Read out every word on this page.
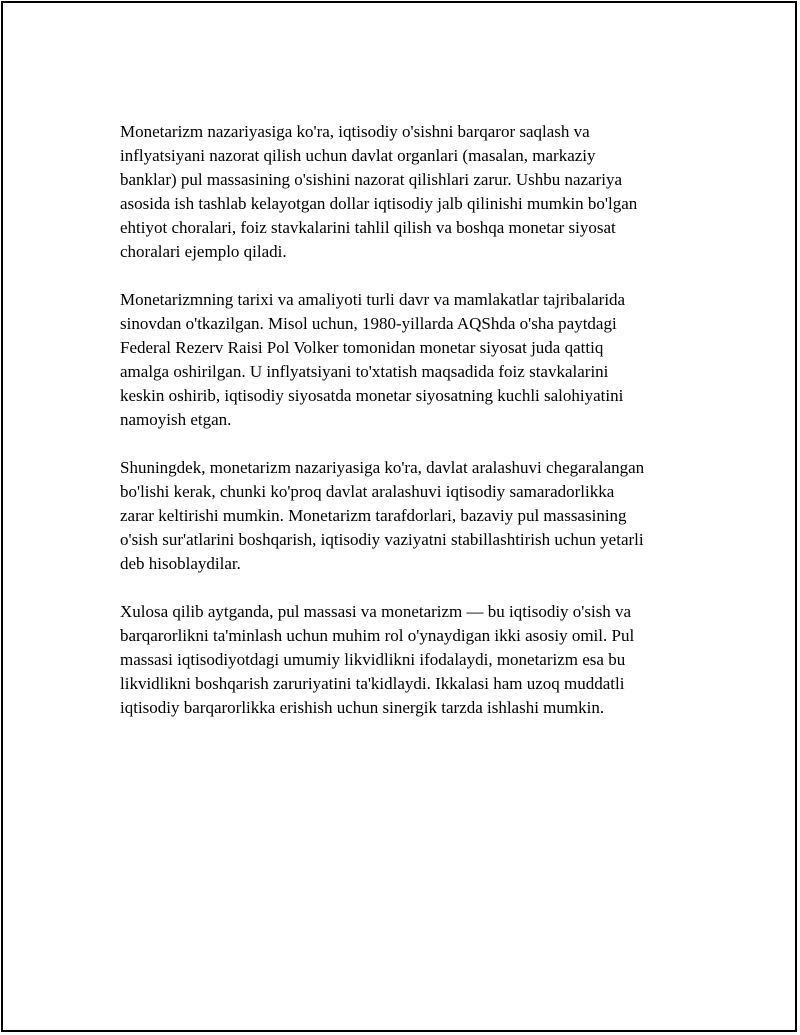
Monetarizm nazariyasiga ko'ra, iqtisodiy o'sishni barqaror saqlash va
inflyatsiyani nazorat qilish uchun davlat organlari (masalan, markaziy
banklar) pul massasining o'sishini nazorat qilishlari zarur. Ushbu nazariya
asosida ish tashlab kelayotgan dollar iqtisodiy jalb qilinishi mumkin bo'lgan
ehtiyot choralari, foiz stavkalarini tahlil qilish va boshqa monetar siyosat
choralari ejemplo qiladi.

Monetarizmning tarixi va amaliyoti turli davr va mamlakatlar tajribalarida
sinovdan o'tkazilgan. Misol uchun, 1980-yillarda AQShda o'sha paytdagi
Federal Rezerv Raisi Pol Volker tomonidan monetar siyosat juda qattiq
amalga oshirilgan. U inflyatsiyani to'xtatish maqsadida foiz stavkalarini
keskin oshirib, iqtisodiy siyosatda monetar siyosatning kuchli salohiyatini
namoyish etgan.

Shuningdek, monetarizm nazariyasiga ko'ra, davlat aralashuvi chegaralangan
bo'lishi kerak, chunki ko'proq davlat aralashuvi iqtisodiy samaradorlikka
zarar keltirishi mumkin. Monetarizm tarafdorlari, bazaviy pul massasining
o'sish sur'atlarini boshqarish, iqtisodiy vaziyatni stabillashtirish uchun yetarli
deb hisoblaydilar.

Xulosa qilib aytganda, pul massasi va monetarizm — bu iqtisodiy o'sish va
barqarorlikni ta'minlash uchun muhim rol o'ynaydigan ikki asosiy omil. Pul
massasi iqtisodiyotdagi umumiy likvidlikni ifodalaydi, monetarizm esa bu
likvidlikni boshqarish zaruriyatini ta'kidlaydi. Ikkalasi ham uzoq muddatli
iqtisodiy barqarorlikka erishish uchun sinergik tarzda ishlashi mumkin.
